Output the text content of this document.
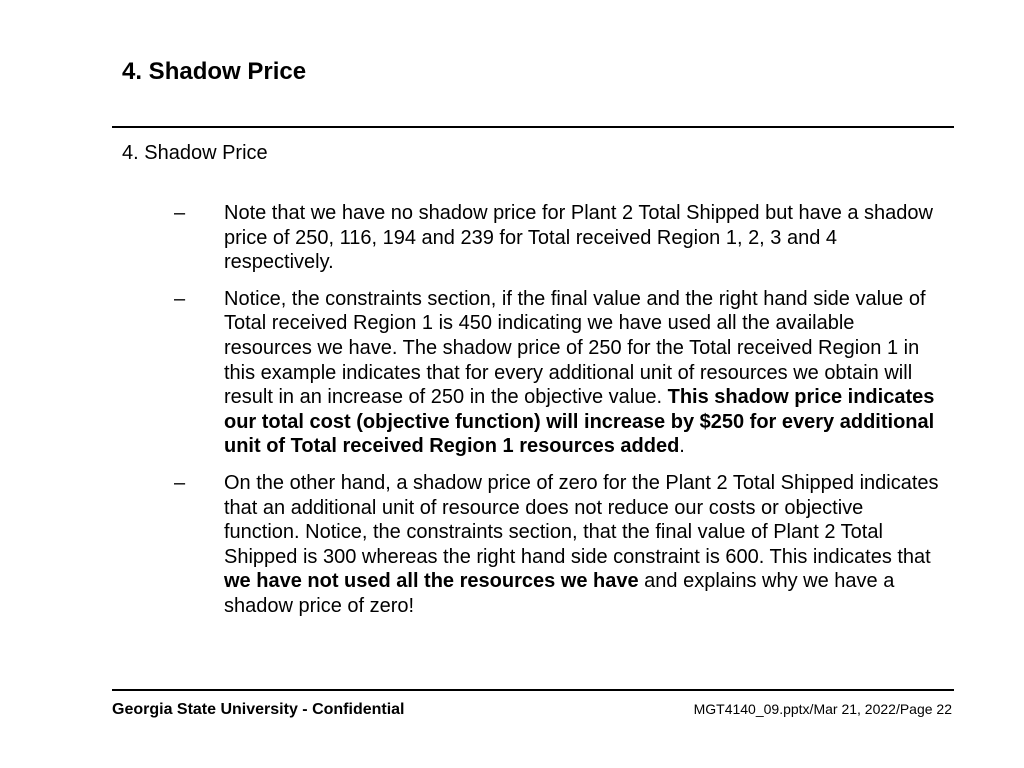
4. Shadow Price
4. Shadow Price
– Note that we have no shadow price for Plant 2 Total Shipped but have a shadow price of 250, 116, 194 and 239 for Total received Region 1, 2, 3 and 4 respectively.
– Notice, the constraints section, if the final value and the right hand side value of Total received Region 1 is 450 indicating we have used all the available resources we have. The shadow price of 250 for the Total received Region 1 in this example indicates that for every additional unit of resources we obtain will result in an increase of 250 in the objective value. This shadow price indicates our total cost (objective function) will increase by $250 for every additional unit of Total received Region 1 resources added.
– On the other hand, a shadow price of zero for the Plant 2 Total Shipped indicates that an additional unit of resource does not reduce our costs or objective function. Notice, the constraints section, that the final value of Plant 2 Total Shipped is 300 whereas the right hand side constraint is 600. This indicates that we have not used all the resources we have and explains why we have a shadow price of zero!
Georgia State University - Confidential	MGT4140_09.pptx/Mar 21, 2022/Page 22
